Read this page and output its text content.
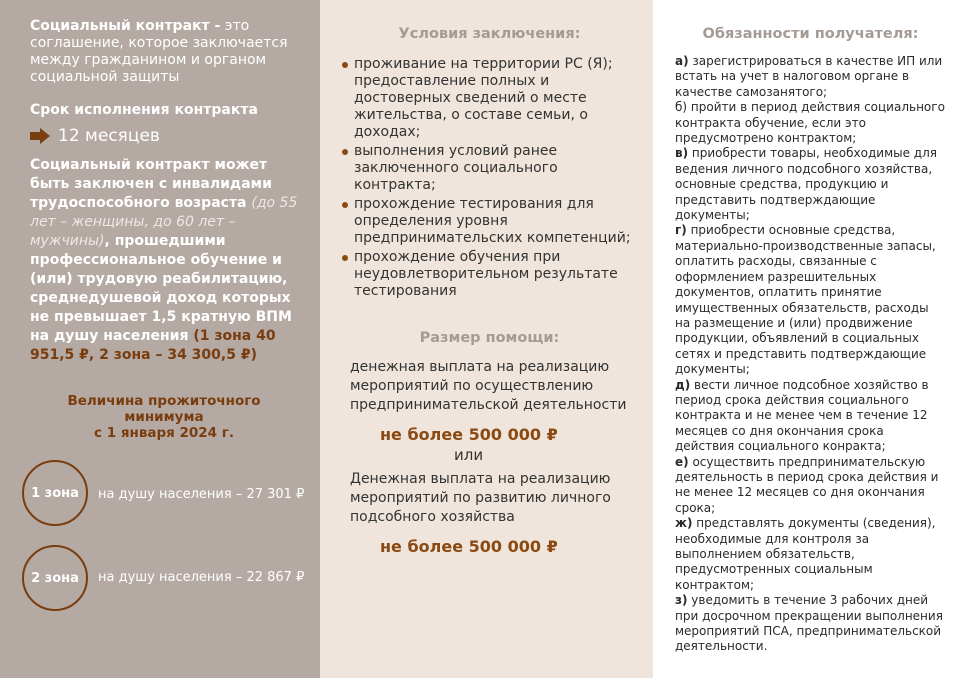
Социальный контракт - это соглашение, которое заключается между гражданином и органом социальной защиты

Срок исполнения контракта
12 месяцев

Социальный контракт может быть заключен с инвалидами трудоспособного возраста (до 55 лет – женщины, до 60 лет – мужчины), прошедшими профессиональное обучение и (или) трудовую реабилитацию, среднедушевой доход которых не превышает 1,5 кратную ВПМ на душу населения (1 зона 40 951,5 ₽, 2 зона – 34 300,5 ₽)

Величина прожиточного
минимума
с 1 января 2024 г.
1 зона	на душу населения – 27 301 ₽
2 зона	на душу населения – 22 867 ₽
Условия заключения:
проживание на территории РС (Я); предоставление полных и достоверных сведений о месте жительства, о составе семьи, о доходах;
выполнения условий ранее заключенного социального контракта;
прохождение тестирования для определения уровня предпринимательских компетенций;
прохождение обучения при неудовлетворительном результате тестирования
Размер помощи:

денежная выплата на реализацию мероприятий по осуществлению предпринимательской деятельности

не более 500 000 ₽

или

Денежная выплата на реализацию мероприятий по развитию личного подсобного хозяйства

не более 500 000 ₽

Обязанности получателя:

а) зарегистрироваться в качестве ИП или встать на учет в налоговом органе в качестве самозанятого;

б) пройти в период действия социального контракта обучение, если это предусмотрено контрактом;

в) приобрести товары, необходимые для ведения личного подсобного хозяйства, основные средства, продукцию и представить подтверждающие документы;

г) приобрести основные средства, материально-производственные запасы, оплатить расходы, связанные с оформлением разрешительных документов, оплатить принятие имущественных обязательств, расходы на размещение и (или) продвижение продукции, объявлений в социальных сетях и представить подтверждающие документы;

д) вести личное подсобное хозяйство в период срока действия социального контракта и не менее чем в течение 12 месяцев со дня окончания срока действия социального конракта;

е) осуществить предпринимательскую деятельность в период срока действия и не менее 12 месяцев со дня окончания срока;

ж) представлять документы (сведения), необходимые для контроля за выполнением обязательств, предусмотренных социальным контрактом;

з) уведомить в течение 3 рабочих дней при досрочном прекращении выполнения мероприятий ПСА, предпринимательской деятельности.
